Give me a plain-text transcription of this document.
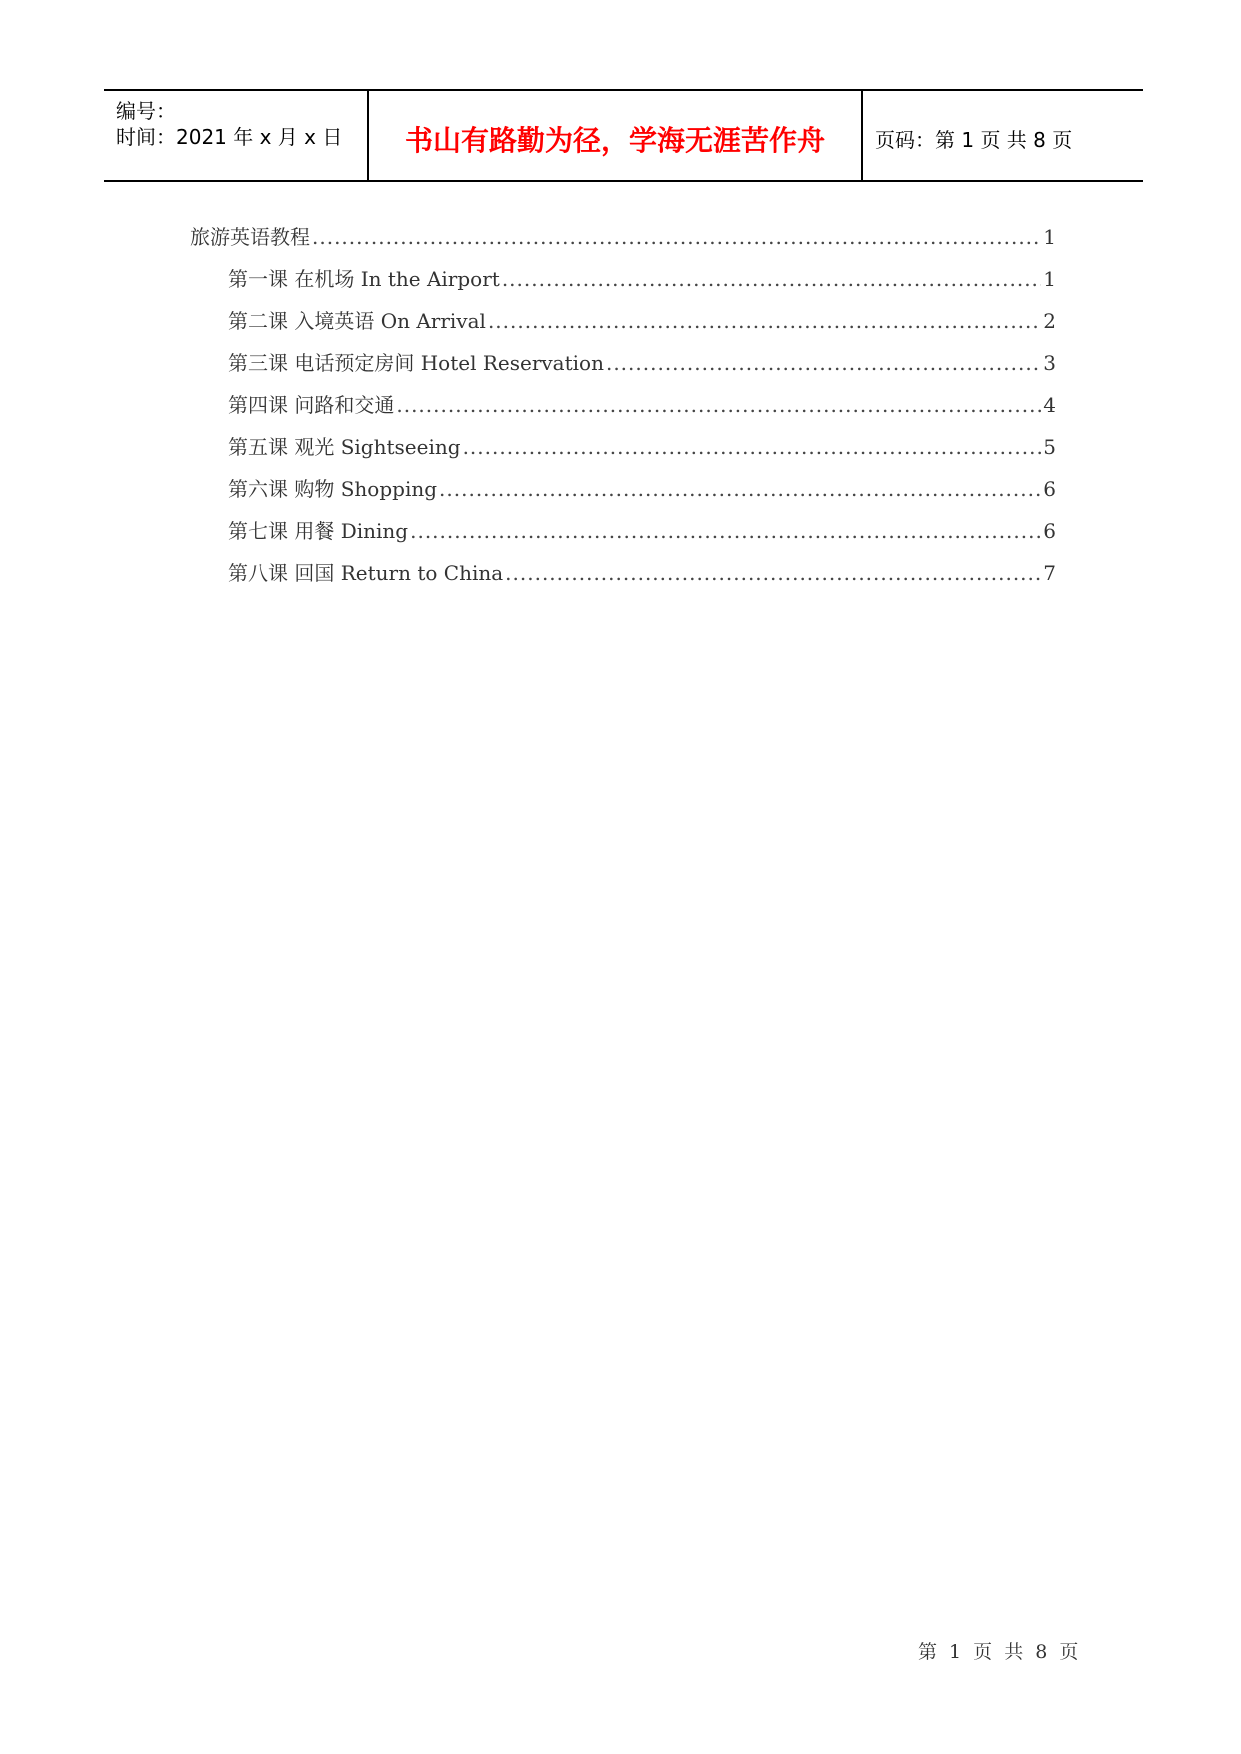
编号：
时间：2021 年 x 月 x 日	书山有路勤为径，学海无涯苦作舟	页码：第 1 页 共 8 页
旅游英语教程 .....	1
第一课 在机场 In the Airport .....	1
第二课 入境英语 On Arrival .....	2
第三课 电话预定房间 Hotel Reservation .....	3
第四课 问路和交通 .....	4
第五课 观光 Sightseeing .....	5
第六课 购物 Shopping .....	6
第七课 用餐 Dining .....	6
第八课 回国 Return to China .....	7
第 1 页 共 8 页
